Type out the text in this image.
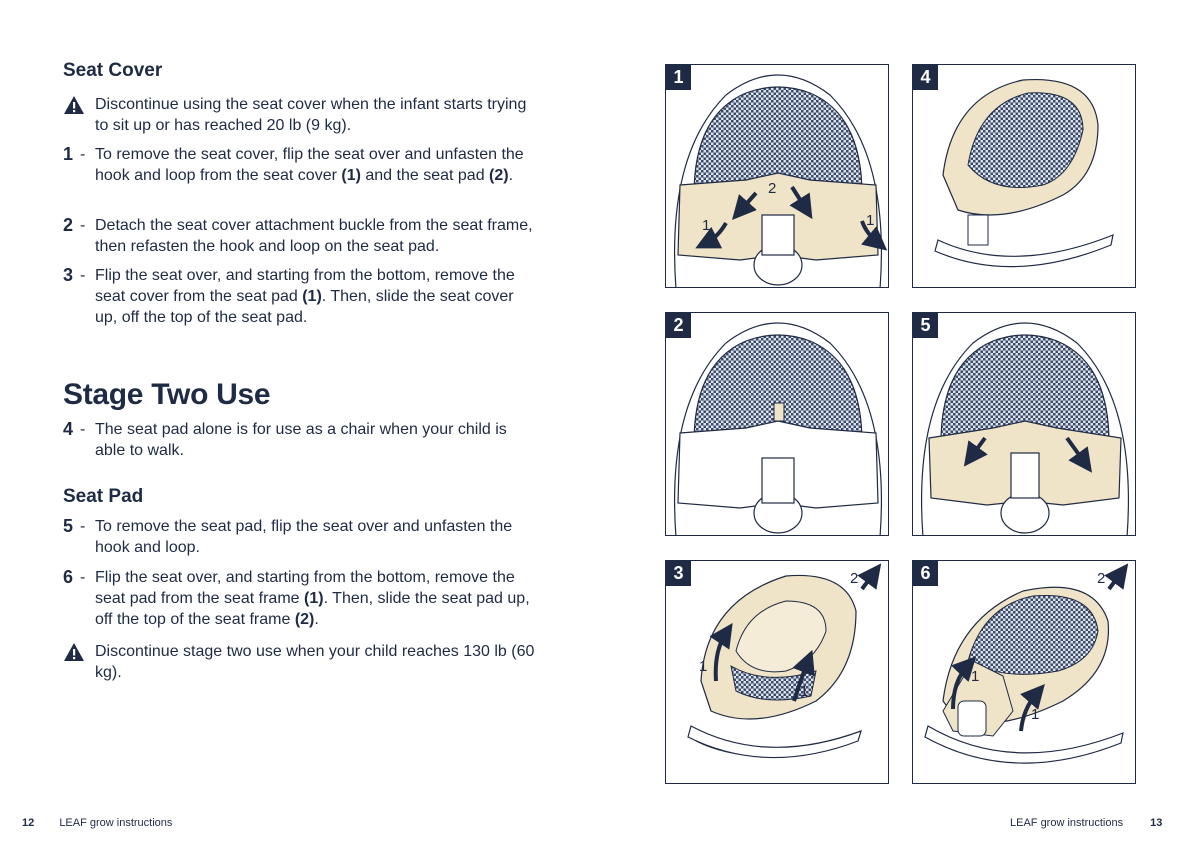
Seat Cover
Discontinue using the seat cover when the infant starts trying to sit up or has reached 20 lb (9 kg).
1 - To remove the seat cover, flip the seat over and unfasten the hook and loop from the seat cover (1) and the seat pad (2).
2 - Detach the seat cover attachment buckle from the seat frame, then refasten the hook and loop on the seat pad.
3 - Flip the seat over, and starting from the bottom, remove the seat cover from the seat pad (1). Then, slide the seat cover up, off the top of the seat pad.
Stage Two Use
4 - The seat pad alone is for use as a chair when your child is able to walk.
Seat Pad
5 - To remove the seat pad, flip the seat over and unfasten the hook and loop.
6 - Flip the seat over, and starting from the bottom, remove the seat pad from the seat frame (1). Then, slide the seat pad up, off the top of the seat frame (2).
Discontinue stage two use when your child reaches 130 lb (60 kg).
2
1	1
1
2
2
1
1
3
4
5
2
1
1
6
12 LEAF grow instructions	LEAF grow instructions 13
